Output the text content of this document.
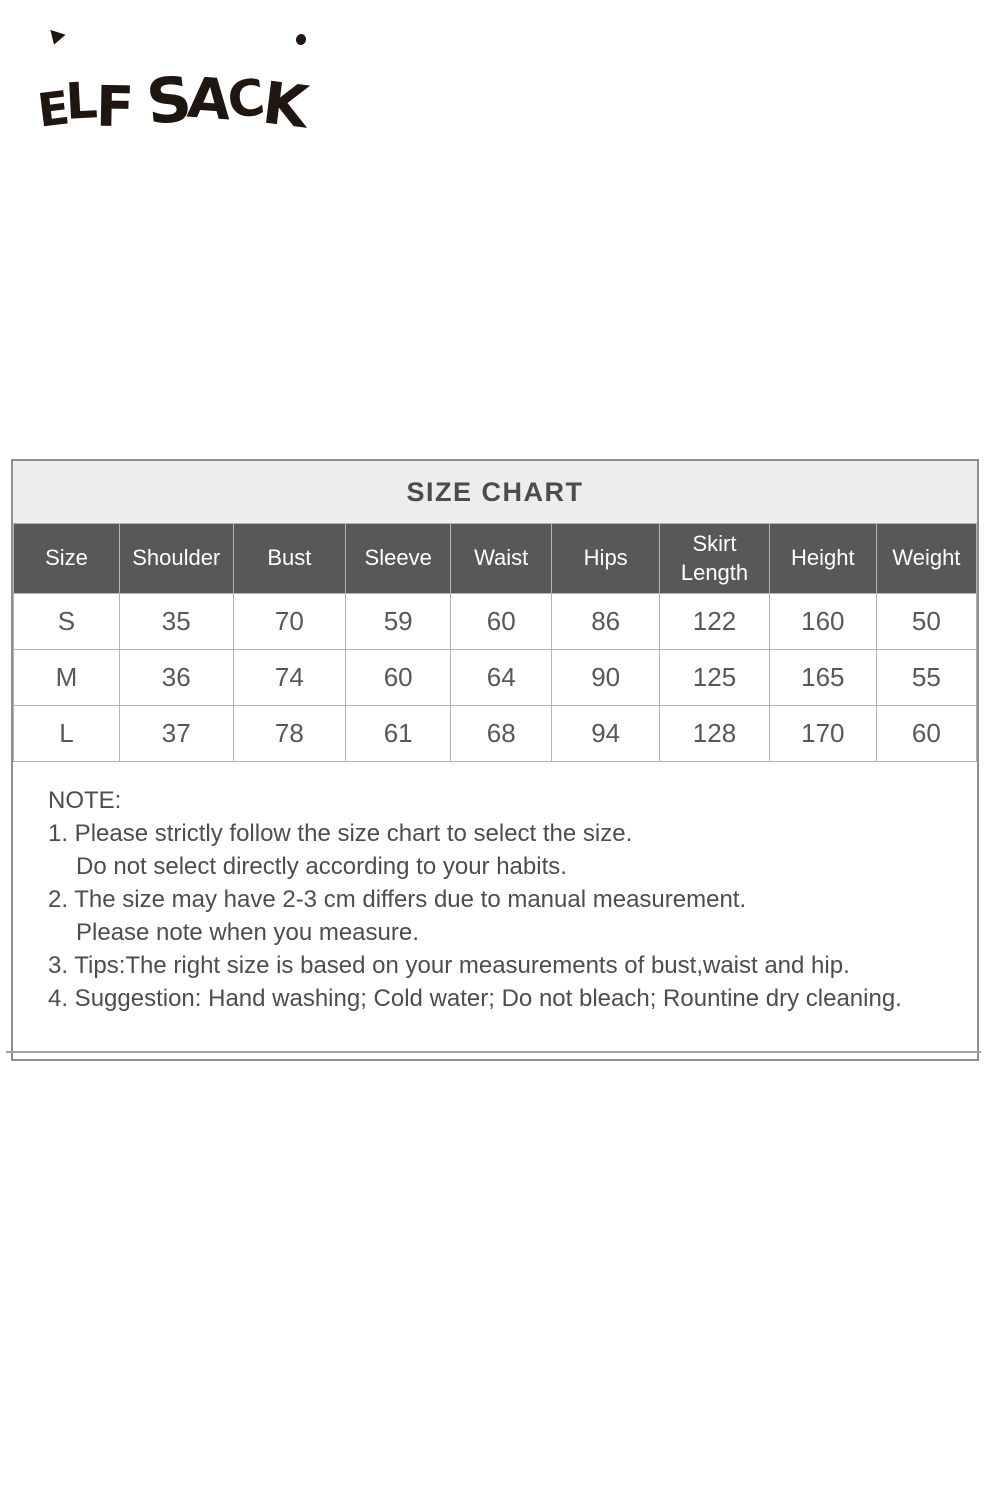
E
L
F S
A
C
K
SIZE CHART
Size	Shoulder	Bust	Sleeve	Waist	Hips	Skirt Length	Height	Weight
S	35	70	59	60	86	122	160	50
M	36	74	60	64	90	125	165	55
L	37	78	61	68	94	128	170	60
NOTE:
1. Please strictly follow the size chart to select the size.
Do not select directly according to your habits.
2. The size may have 2-3 cm differs due to manual measurement.
Please note when you measure.
3. Tips:The right size is based on your measurements of bust,waist and hip.
4. Suggestion: Hand washing; Cold water; Do not bleach; Rountine dry cleaning.
